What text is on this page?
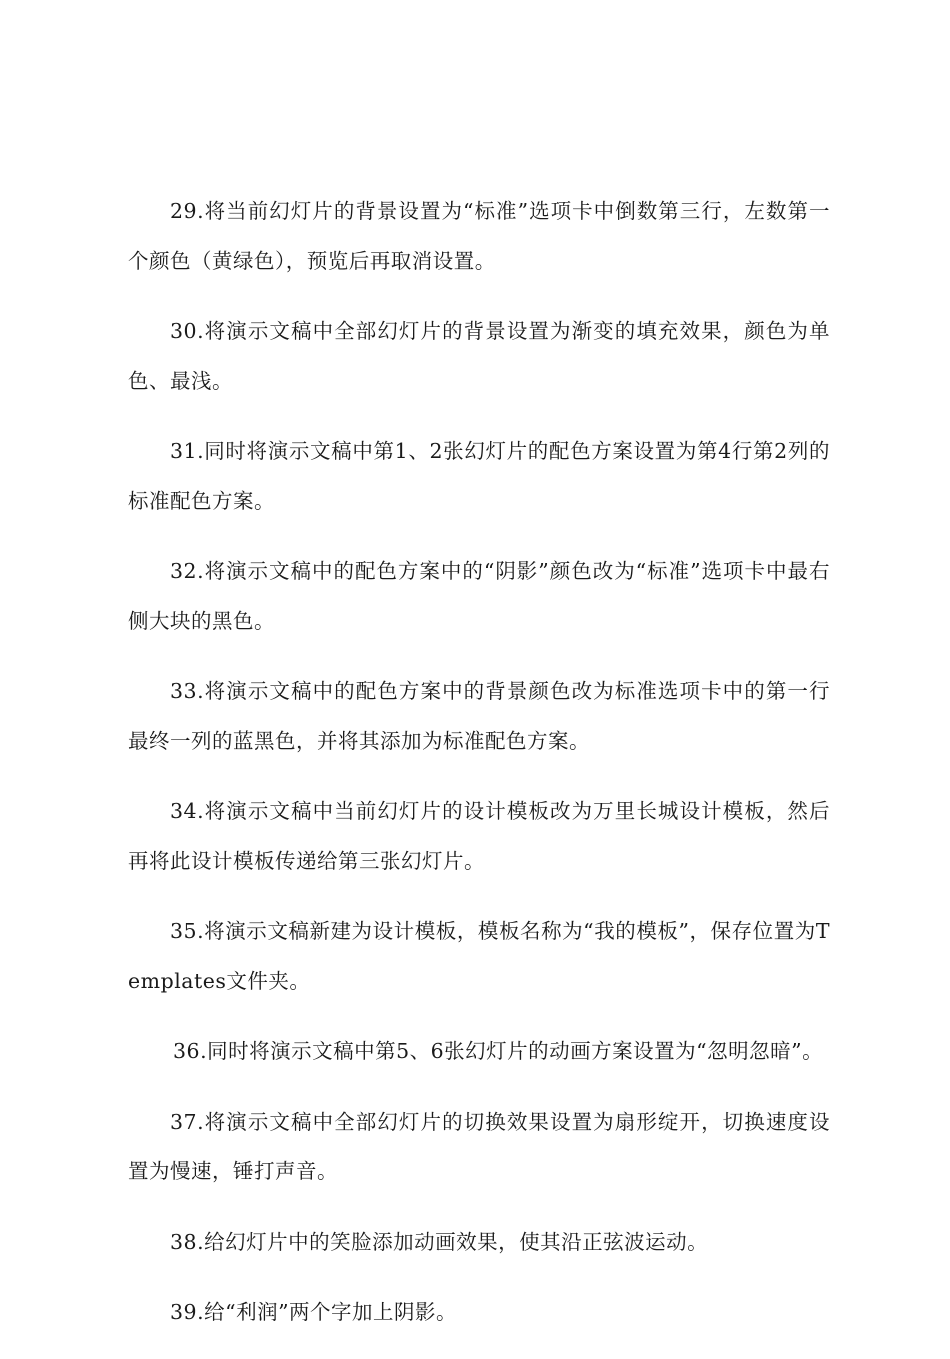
29.将当前幻灯片的背景设置为“标准”选项卡中倒数第三行，左数第一个颜色（黄绿色），预览后再取消设置。

30.将演示文稿中全部幻灯片的背景设置为渐变的填充效果，颜色为单色、最浅。

31.同时将演示文稿中第1、2张幻灯片的配色方案设置为第4行第2列的标准配色方案。

32.将演示文稿中的配色方案中的“阴影”颜色改为“标准”选项卡中最右侧大块的黑色。

33.将演示文稿中的配色方案中的背景颜色改为标准选项卡中的第一行最终一列的蓝黑色，并将其添加为标准配色方案。

34.将演示文稿中当前幻灯片的设计模板改为万里长城设计模板，然后再将此设计模板传递给第三张幻灯片。

35.将演示文稿新建为设计模板，模板名称为“我的模板”，保存位置为Templates文件夹。

36.同时将演示文稿中第5、6张幻灯片的动画方案设置为“忽明忽暗”。

37.将演示文稿中全部幻灯片的切换效果设置为扇形绽开，切换速度设置为慢速，锤打声音。

38.给幻灯片中的笑脸添加动画效果，使其沿正弦波运动。

39.给“利润”两个字加上阴影。
